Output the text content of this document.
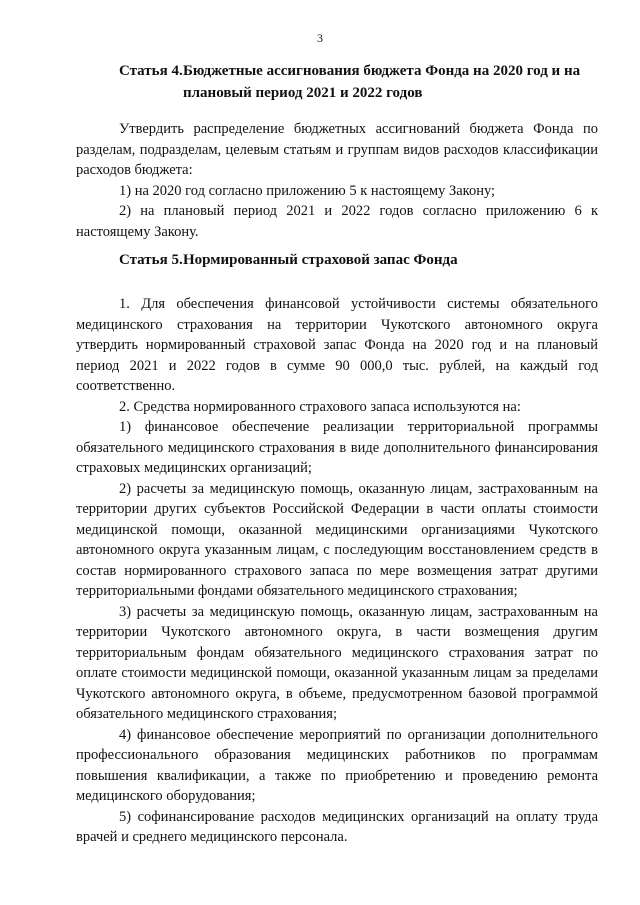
3
Статья 4. Бюджетные ассигнования бюджета Фонда на 2020 год и на плановый период 2021 и 2022 годов

Утвердить распределение бюджетных ассигнований бюджета Фонда по разделам, подразделам, целевым статьям и группам видов расходов классификации расходов бюджета:

1) на 2020 год согласно приложению 5 к настоящему Закону;

2) на плановый период 2021 и 2022 годов согласно приложению 6 к настоящему Закону.

Статья 5. Нормированный страховой запас Фонда

1. Для обеспечения финансовой устойчивости системы обязательного медицинского страхования на территории Чукотского автономного округа утвердить нормированный страховой запас Фонда на 2020 год и на плановый период 2021 и 2022 годов в сумме 90 000,0 тыс. рублей, на каждый год соответственно.

2. Средства нормированного страхового запаса используются на:

1) финансовое обеспечение реализации территориальной программы обязательного медицинского страхования в виде дополнительного финансирования страховых медицинских организаций;

2) расчеты за медицинскую помощь, оказанную лицам, застрахованным на территории других субъектов Российской Федерации в части оплаты стоимости медицинской помощи, оказанной медицинскими организациями Чукотского автономного округа указанным лицам, с последующим восстановлением средств в состав нормированного страхового запаса по мере возмещения затрат другими территориальными фондами обязательного медицинского страхования;

3) расчеты за медицинскую помощь, оказанную лицам, застрахованным на территории Чукотского автономного округа, в части возмещения другим территориальным фондам обязательного медицинского страхования затрат по оплате стоимости медицинской помощи, оказанной указанным лицам за пределами Чукотского автономного округа, в объеме, предусмотренном базовой программой обязательного медицинского страхования;

4) финансовое обеспечение мероприятий по организации дополнительного профессионального образования медицинских работников по программам повышения квалификации, а также по приобретению и проведению ремонта медицинского оборудования;

5) софинансирование расходов медицинских организаций на оплату труда врачей и среднего медицинского персонала.
